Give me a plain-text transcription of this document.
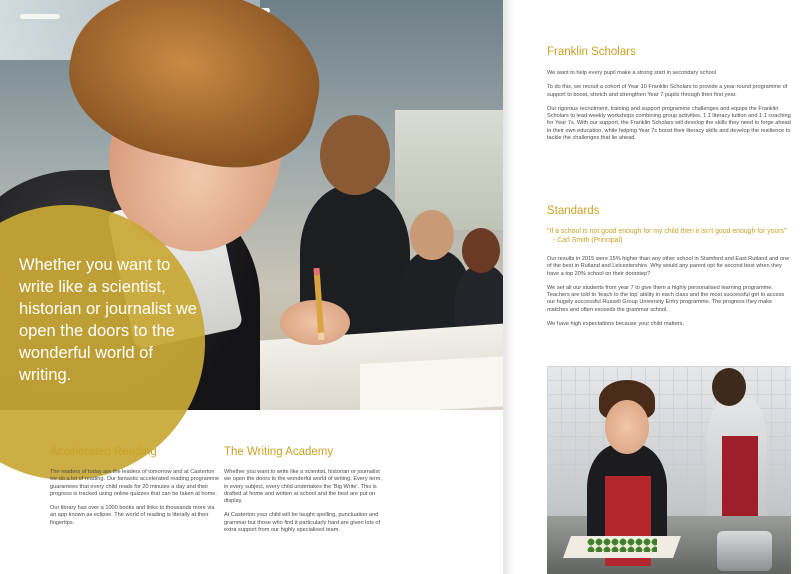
Whether you want to write like a scientist, historian or journalist we open the doors to the wonderful world of writing.
Accelerated Reading

The readers of today are the leaders of tomorrow and at Casterton we do a lot of reading. Our fantastic accelerated reading programme guarantees that every child reads for 20 minutes a day and their progress is tracked using online quizzes that can be taken at home.

Our library has over a 1000 books and links to thousands more via an app known as eclipse. The world of reading is literally at their fingertips.

The Writing Academy

Whether you want to write like a scientist, historian or journalist we open the doors to the wonderful world of writing. Every term, in every subject, every child undertakes the 'Big Write'. This is drafted at home and written at school and the best are put on display.

At Casterton your child will be taught spelling, punctuation and grammar but those who find it particularly hard are given lots of extra support from our highly specialised team.

Franklin Scholars

We want to help every pupil make a strong start in secondary school

To do this, we recruit a cohort of Year 10 Franklin Scholars to provide a year-round programme of support to boost, stretch and strengthen Year 7 pupils through their first year.

Our rigorous recruitment, training and support programme challenges and equips the Franklin Scholars to lead weekly workshops combining group activities, 1:1 literacy tuition and 1:1 coaching for Year 7s. With our support, the Franklin Scholars will develop the skills they need to forge ahead in their own education, while helping Year 7s boost their literacy skills and develop the resilience to tackle the challenges that lie ahead.

Standards
"If a school is not good enough for my child then it isn't good enough for yours" - Carl Smith (Principal)

Our results in 2015 were 15% higher than any other school in Stamford and East Rutland and one of the best in Rutland and Leicestershire. Why would any parent opt for second best when they have a top 20% school on their doorstep?

We set all our students from year 7 to give them a highly personalised learning programme. Teachers are told to 'teach to the top' ability in each class and the most successful get to access our hugely successful Russell Group University Entry programme. The progress they make matches and often exceeds the grammar school.

We have high expectations because your child matters.
